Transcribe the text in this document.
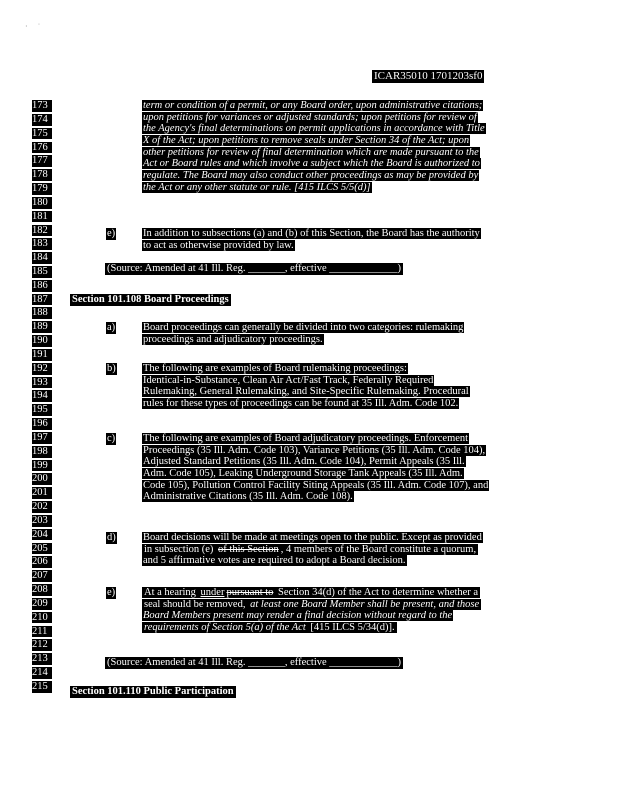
·     ˙
ICAR35010 1701203sf0
173
174
175
176
177
178
179
180
181
182
183
184
185
186
187
188
189
190
191
192
193
194
195
196
197
198
199
200
201
202
203
204
205
206
207
208
209
210
211
212
213
214
215
term or condition of a permit, or any Board order, upon administrative citations;
upon petitions for variances or adjusted standards; upon petitions for review of
the Agency's final determinations on permit applications in accordance with Title
X of the Act; upon petitions to remove seals under Section 34 of the Act; upon
other petitions for review of final determination which are made pursuant to the
Act or Board rules and which involve a subject which the Board is authorized to
regulate. The Board may also conduct other proceedings as may be provided by
the Act or any other statute or rule. [415 ILCS 5/5(d)]
e)	In addition to subsections (a) and (b) of this Section, the Board has the authority
to act as otherwise provided by law.
(Source: Amended at 41 Ill. Reg. _______, effective _____________)
Section 101.108 Board Proceedings
a)	Board proceedings can generally be divided into two categories: rulemaking
proceedings and adjudicatory proceedings.
b)	The following are examples of Board rulemaking proceedings:
Identical-in-Substance, Clean Air Act/Fast Track, Federally Required
Rulemaking, General Rulemaking, and Site-Specific Rulemaking. Procedural
rules for these types of proceedings can be found at 35 Ill. Adm. Code 102.
c)	The following are examples of Board adjudicatory proceedings. Enforcement
Proceedings (35 Ill. Adm. Code 103), Variance Petitions (35 Ill. Adm. Code 104),
Adjusted Standard Petitions (35 Ill. Adm. Code 104), Permit Appeals (35 Ill.
Adm. Code 105), Leaking Underground Storage Tank Appeals (35 Ill. Adm.
Code 105), Pollution Control Facility Siting Appeals (35 Ill. Adm. Code 107), and
Administrative Citations (35 Ill. Adm. Code 108).
d)	Board decisions will be made at meetings open to the public. Except as provided
in subsection (e) of this Section , 4 members of the Board constitute a quorum,
and 5 affirmative votes are required to adopt a Board decision.
e)	At a hearing under pursuant to Section 34(d) of the Act to determine whether a
seal should be removed, at least one Board Member shall be present, and those
Board Members present may render a final decision without regard to the
requirements of Section 5(a) of the Act [415 ILCS 5/34(d)].
(Source: Amended at 41 Ill. Reg. _______, effective _____________)
Section 101.110 Public Participation
